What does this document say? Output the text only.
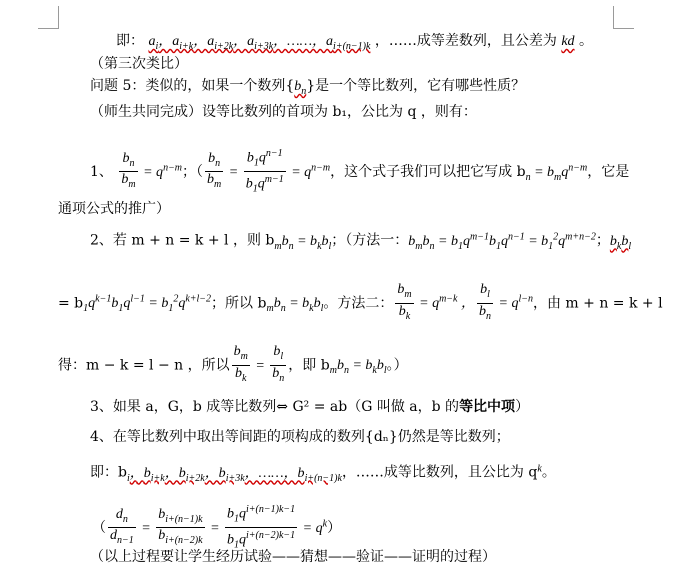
即： $a_i$，$a_{i+k}$，$a_{i+2k}$，$a_{i+3k}$，……，$a_{i+(n-1)k}$ ，……成等差数列，且公差为 kd 。
（第三次类比）
问题 5：类似的，如果一个数列$\{b_n\}$是一个等比数列，它有哪些性质？
（师生共同完成）设等比数列的首项为 b₁，公比为 q ，则有：
1、 $\frac{b_n}{b_m} = q^{n-m}$；（ $\frac{b_n}{b_m} = \frac{b_1q^{n-1}}{b_1q^{m-1}} = q^{n-m}$，这个式子我们可以把它写成 $b_n = b_mq^{n-m}$，它是
通项公式的推广）
2、若 m + n = k + l ，则 $b_mb_n = b_kb_l$；（方法一：$b_mb_n = b_1q^{m-1}b_1q^{n-1} = b_1^2q^{m+n-2}$；$b_kb_l$
= $b_1q^{k-1}b_1q^{l-1} = b_1^2q^{k+l-2}$；所以 $b_mb_n = b_kb_l$。方法二： $\frac{b_m}{b_k} = q^{m-k}$ ， $\frac{b_l}{b_n} = q^{l-n}$，由 m + n = k + l
得：m − k = l − n ，所以 $\frac{b_m}{b_k} = \frac{b_l}{b_n}$ ，即 $b_mb_n = b_kb_l$。）
3、如果 a，G，b 成等比数列⇔ G² = ab（G 叫做 a，b 的等比中项）
4、在等比数列中取出等间距的项构成的数列{dₙ}仍然是等比数列；
即：$b_i$，$b_{i+k}$，$b_{i+2k}$，$b_{i+3k}$，……，$b_{i+(n-1)k}$，……成等比数列，且公比为 $q^k$。
（ $\frac{d_n}{d_{n-1}} = \frac{b_{i+(n-1)k}}{b_{i+(n-2)k}} = \frac{b_1q^{i+(n-1)k-1}}{b_1q^{i+(n-2)k-1}} = q^k$）
（以上过程要让学生经历试验——猜想——验证——证明的过程）
